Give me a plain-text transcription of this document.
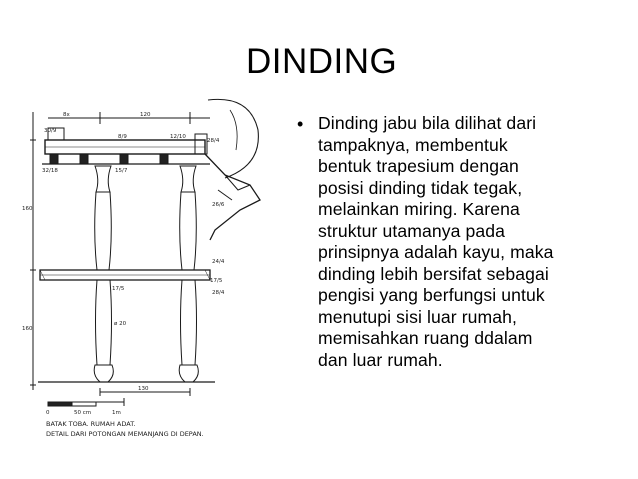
DINDING
• Dinding jabu bila dilihat dari
tampaknya, membentuk
bentuk trapesium dengan
posisi dinding tidak tegak,
melainkan miring. Karena
struktur utamanya pada
prinsipnya adalah kayu, maka
dinding lebih bersifat sebagai
pengisi yang berfungsi untuk
menutupi sisi luar rumah,
memisahkan ruang ddalam
dan luar rumah.
8x	120
30/9
8/9	12/10
28/4
32/18	15/7
26/6
24/4
17/5
17/5
28/4
ø 20
160
160
130
0	50 cm	1m
BATAK TOBA. RUMAH ADAT.
DETAIL DARI POTONGAN MEMANJANG DI DEPAN.
